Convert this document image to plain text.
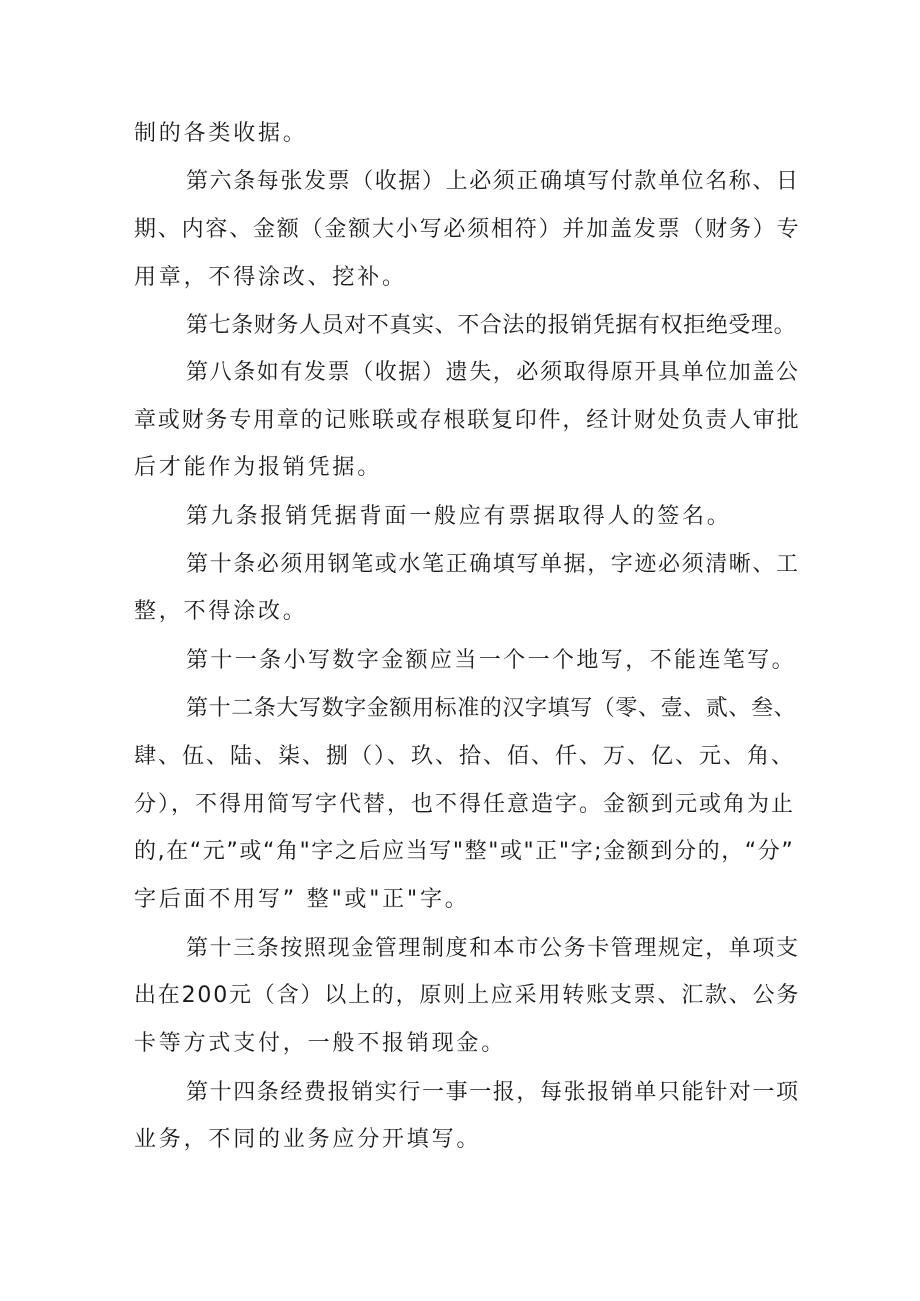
制的各类收据。
第六条每张发票（收据）上必须正确填写付款单位名称、日
期、内容、金额（金额大小写必须相符）并加盖发票（财务）专
用章，不得涂改、挖补。
第七条财务人员对不真实、不合法的报销凭据有权拒绝受理。
第八条如有发票（收据）遗失，必须取得原开具单位加盖公
章或财务专用章的记账联或存根联复印件，经计财处负责人审批
后才能作为报销凭据。
第九条报销凭据背面一般应有票据取得人的签名。
第十条必须用钢笔或水笔正确填写单据，字迹必须清晰、工
整，不得涂改。
第十一条小写数字金额应当一个一个地写，不能连笔写。
第十二条大写数字金额用标准的汉字填写（零、壹、贰、叁、
肆、伍、陆、柒、捌（）、玖、拾、佰、仟、万、亿、元、角、
分），不得用简写字代替，也不得任意造字。金额到元或角为止
的,在“元”或“角"字之后应当写"整"或"正"字;金额到分的，“分”
字后面不用写” 整"或"正"字。
第十三条按照现金管理制度和本市公务卡管理规定，单项支
出在200元（含）以上的，原则上应采用转账支票、汇款、公务
卡等方式支付，一般不报销现金。
第十四条经费报销实行一事一报，每张报销单只能针对一项
业务，不同的业务应分开填写。
